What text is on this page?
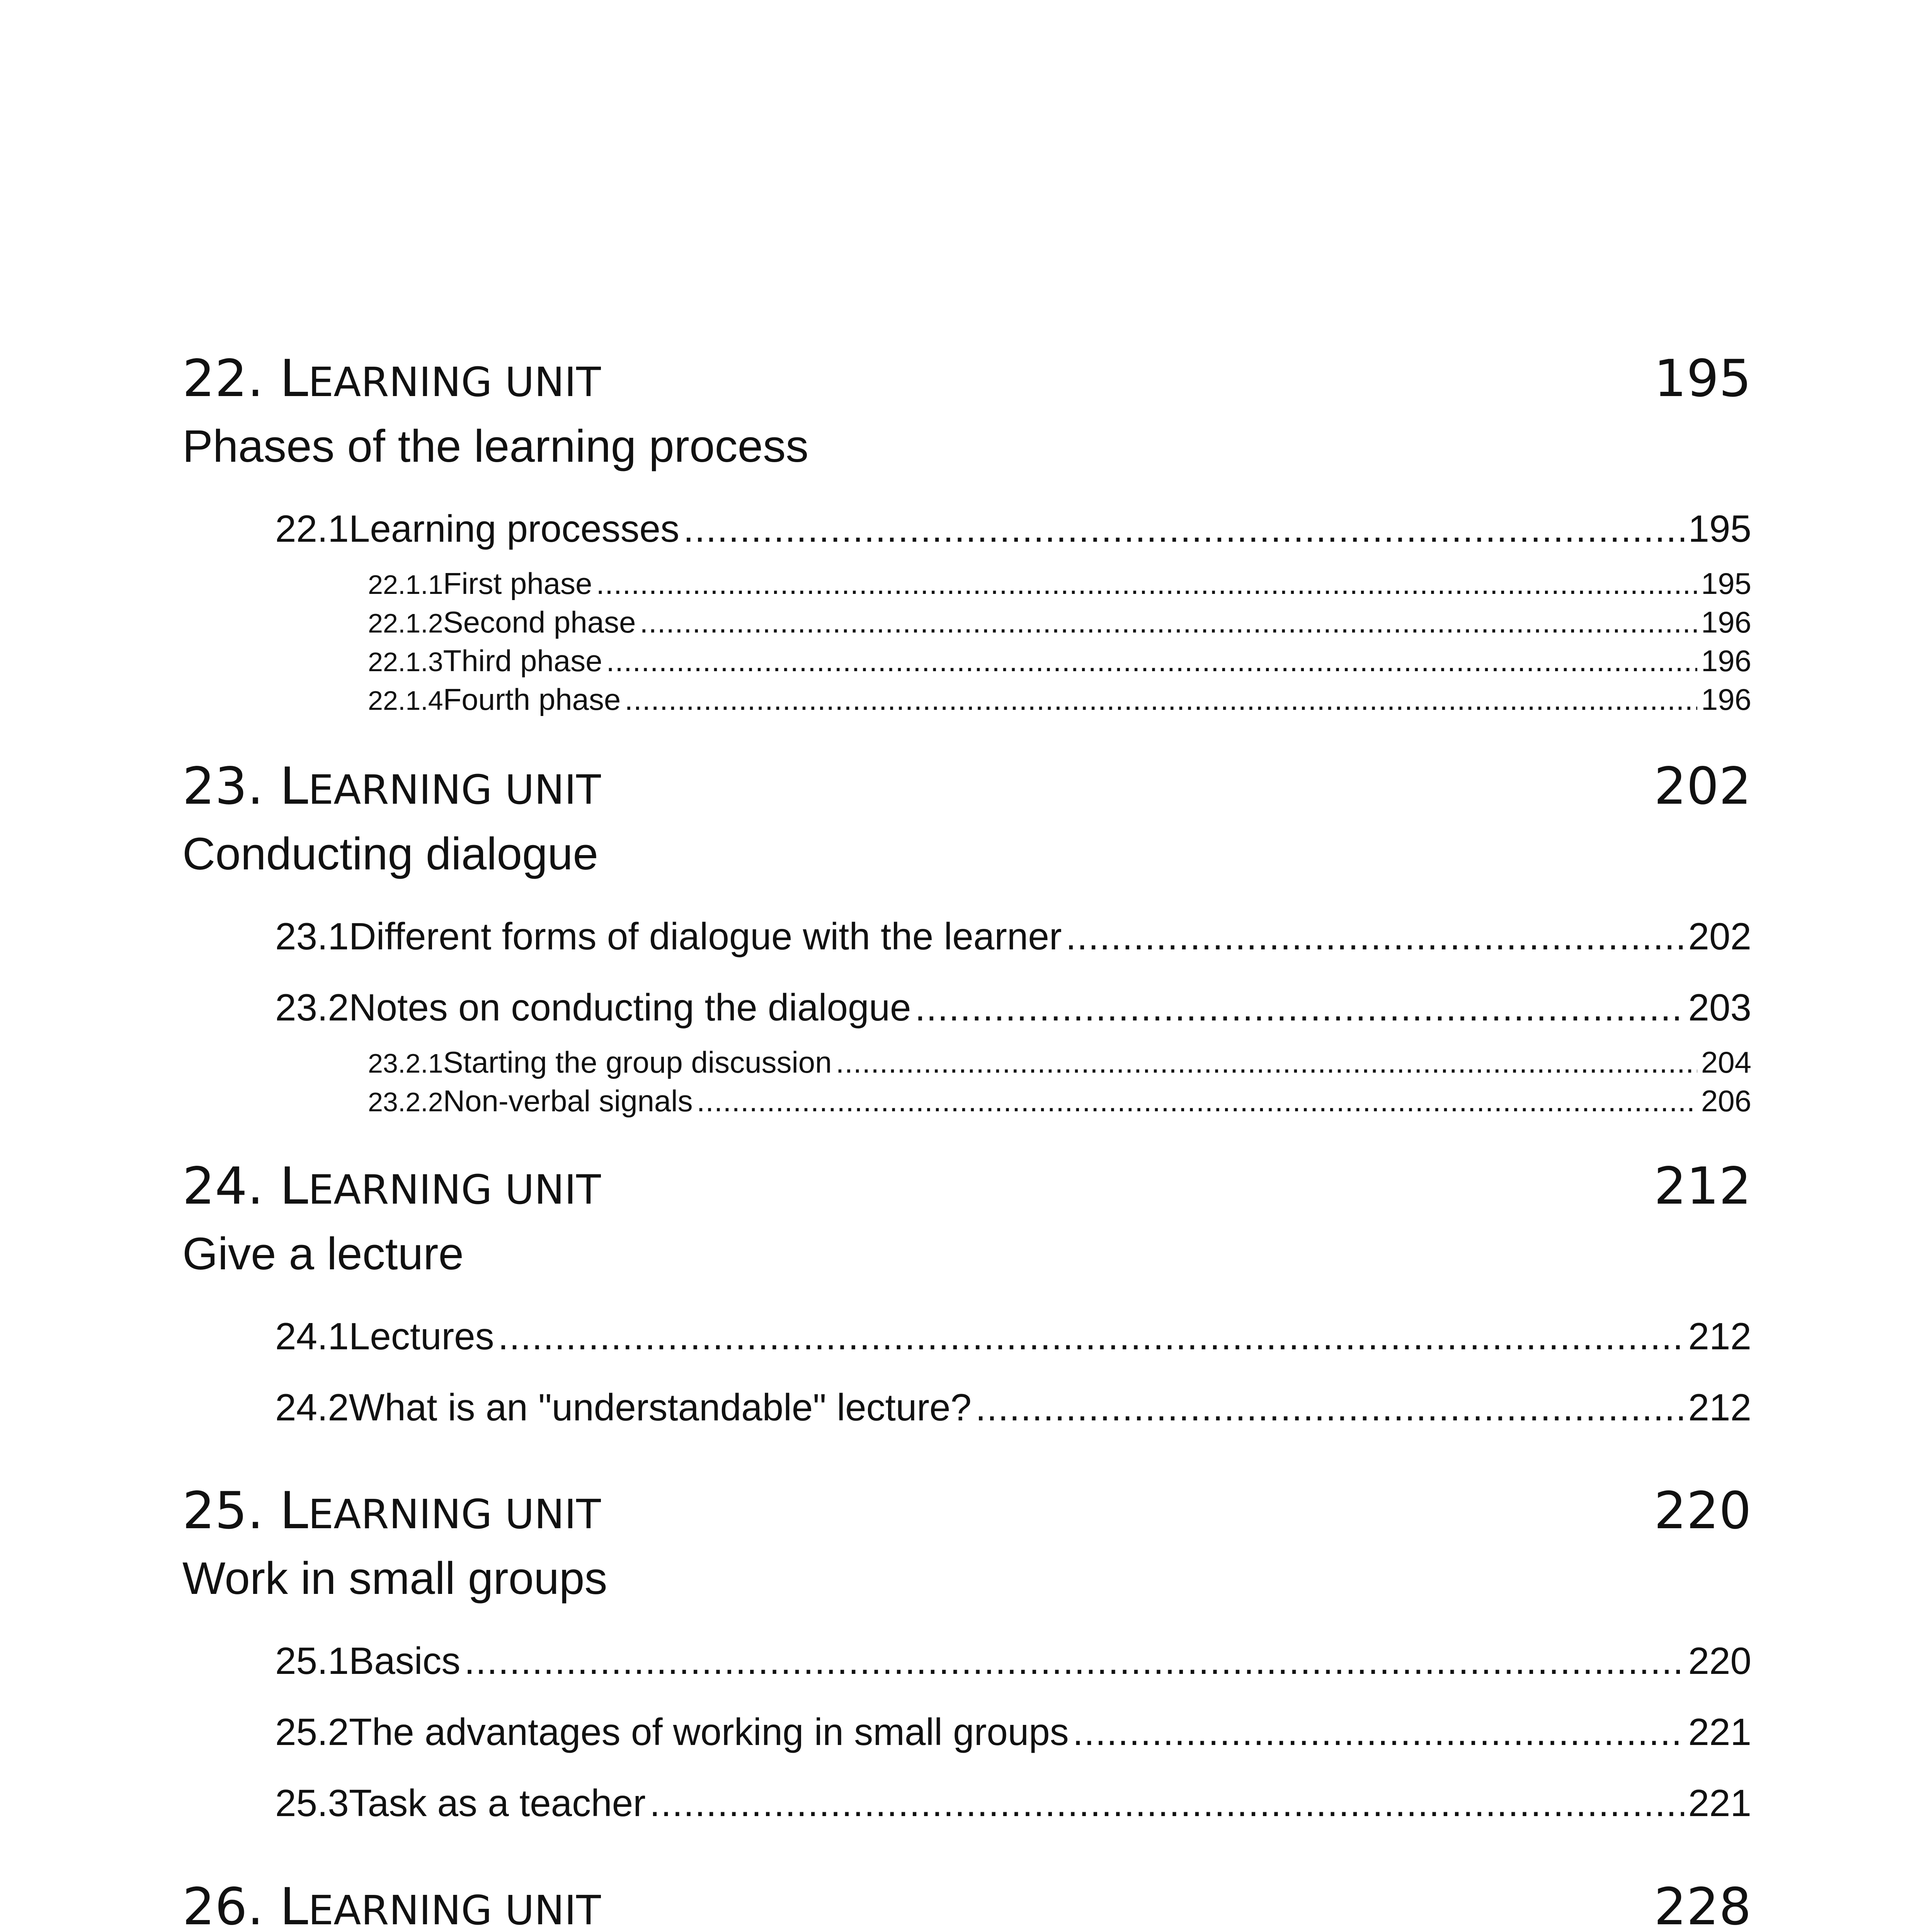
22. LEARNING UNIT	195
Phases of the learning process
22.1 Learning processes .....	195
22.1.1 First phase .....	195
22.1.2 Second phase .....	196
22.1.3 Third phase .....	196
22.1.4 Fourth phase .....	196
23. LEARNING UNIT	202
Conducting dialogue
23.1 Different forms of dialogue with the learner .....	202
23.2 Notes on conducting the dialogue .....	203
23.2.1 Starting the group discussion .....	204
23.2.2 Non-verbal signals .....	206
24. LEARNING UNIT	212
Give a lecture
24.1 Lectures .....	212
24.2 What is an "understandable" lecture? .....	212
25. LEARNING UNIT	220
Work in small groups
25.1 Basics .....	220
25.2 The advantages of working in small groups .....	221
25.3 Task as a teacher .....	221
26. LEARNING UNIT	228
